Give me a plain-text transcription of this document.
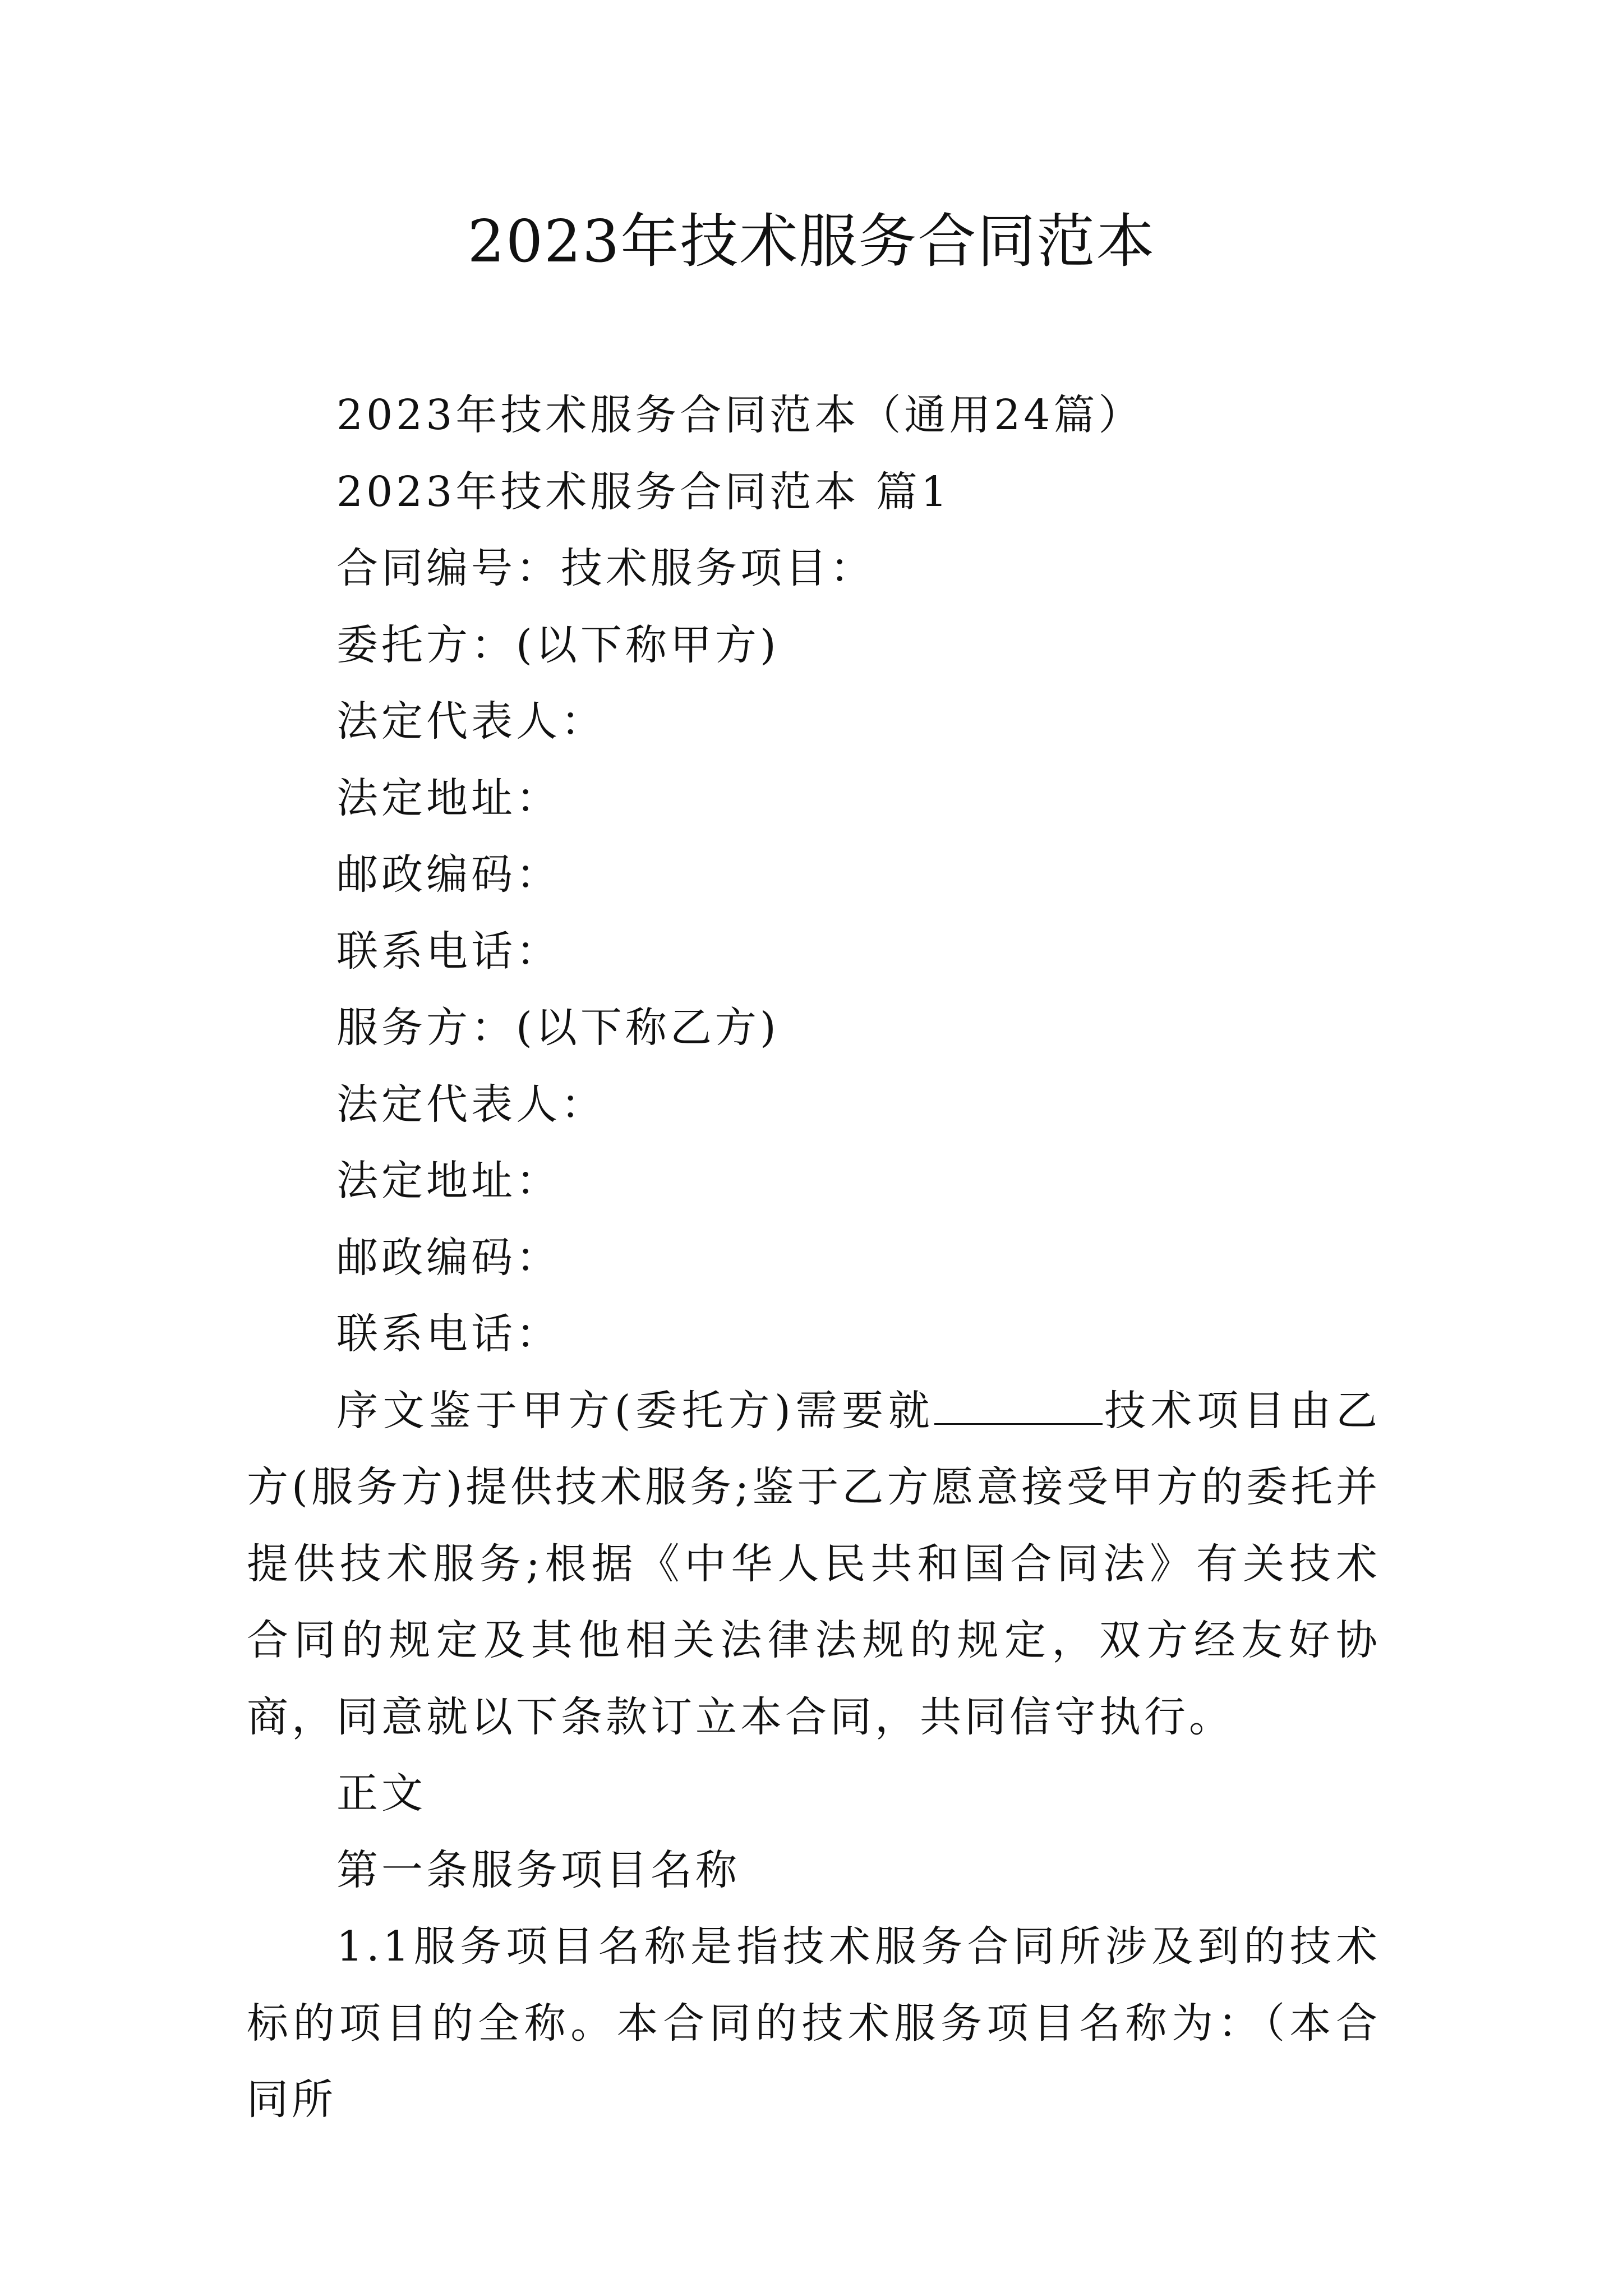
2023年技术服务合同范本
2023年技术服务合同范本（通用24篇）
2023年技术服务合同范本 篇1
合同编号：技术服务项目：
委托方：(以下称甲方)
法定代表人：
法定地址：
邮政编码：
联系电话：
服务方：(以下称乙方)
法定代表人：
法定地址：
邮政编码：
联系电话：
序文鉴于甲方(委托方)需要就	技术项目由乙方(服务方)提供技术服务;鉴于乙方愿意接受甲方的委托并提供技术服务;根据《中华人民共和国合同法》有关技术合同的规定及其他相关法律法规的规定，双方经友好协商，同意就以下条款订立本合同，共同信守执行。
正文
第一条服务项目名称
1.1服务项目名称是指技术服务合同所涉及到的技术标的项目的全称。本合同的技术服务项目名称为：（本合同所
